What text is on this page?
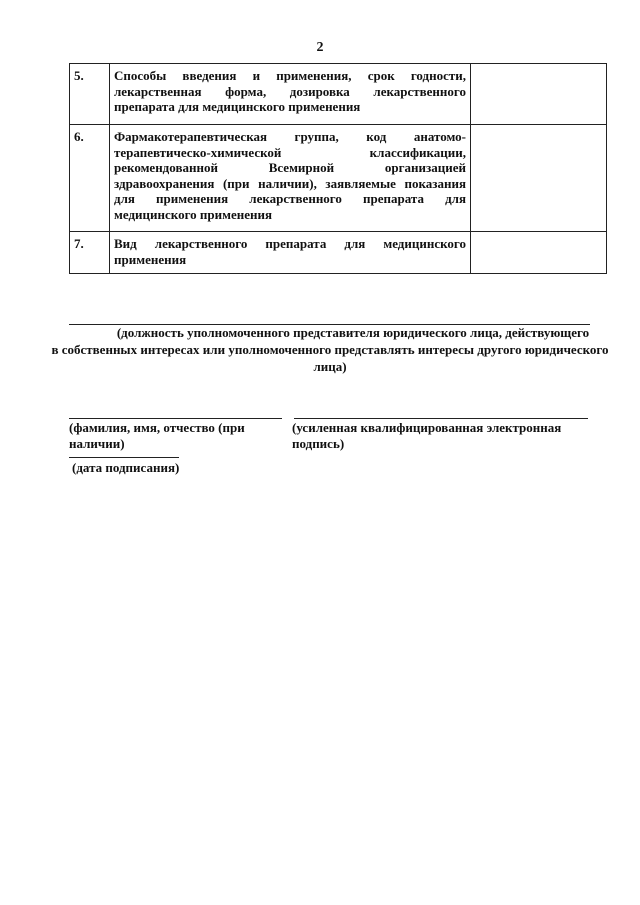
2
5.	Способы введения и применения, срок годности, лекарственная форма, дозировка лекарственного препарата для медицинского применения	
6.	Фармакотерапевтическая группа, код анатомо-терапевтическо-химической классификации, рекомендованной Всемирной организацией здравоохранения (при наличии), заявляемые показания для применения лекарственного препарата для медицинского применения	
7.	Вид лекарственного препарата для медицинского применения	
(должность уполномоченного представителя юридического лица, действующего
в собственных интересах или уполномоченного представлять интересы другого юридического
лица)
(фамилия, имя, отчество (при наличии)
(усиленная квалифицированная электронная подпись)
(дата подписания)
